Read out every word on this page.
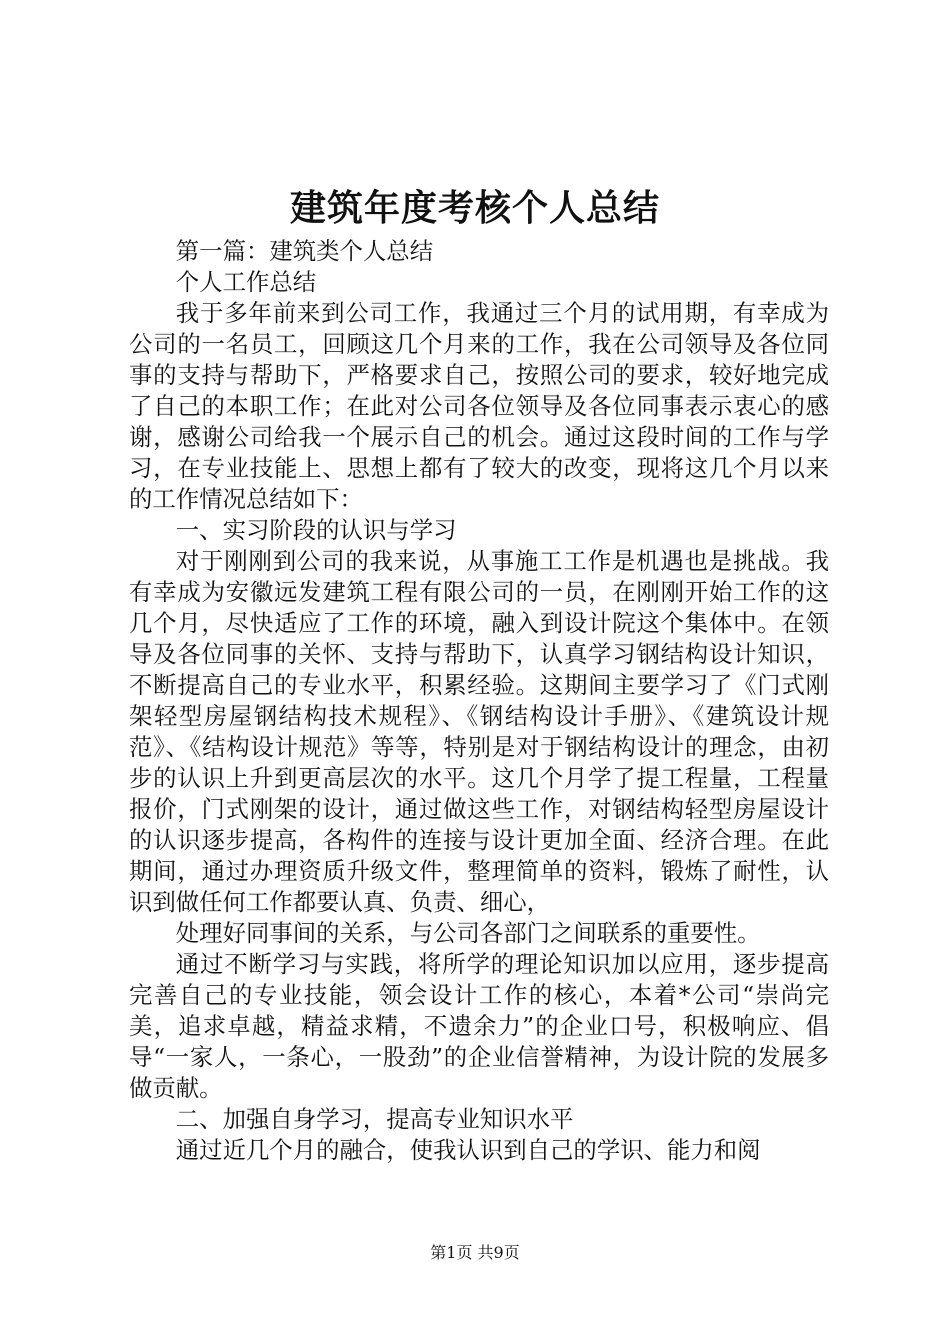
建筑年度考核个人总结

第一篇：建筑类个人总结

个人工作总结

我于多年前来到公司工作，我通过三个月的试用期，有幸成为公司的一名员工，回顾这几个月来的工作，我在公司领导及各位同事的支持与帮助下，严格要求自己，按照公司的要求，较好地完成了自己的本职工作；在此对公司各位领导及各位同事表示衷心的感谢，感谢公司给我一个展示自己的机会。通过这段时间的工作与学习，在专业技能上、思想上都有了较大的改变，现将这几个月以来的工作情况总结如下：

一、实习阶段的认识与学习

对于刚刚到公司的我来说，从事施工工作是机遇也是挑战。我有幸成为安徽远发建筑工程有限公司的一员，在刚刚开始工作的这几个月，尽快适应了工作的环境，融入到设计院这个集体中。在领导及各位同事的关怀、支持与帮助下，认真学习钢结构设计知识，不断提高自己的专业水平，积累经验。这期间主要学习了《门式刚架轻型房屋钢结构技术规程》、《钢结构设计手册》、《建筑设计规范》、《结构设计规范》等等，特别是对于钢结构设计的理念，由初步的认识上升到更高层次的水平。这几个月学了提工程量，工程量报价，门式刚架的设计，通过做这些工作，对钢结构轻型房屋设计的认识逐步提高，各构件的连接与设计更加全面、经济合理。在此期间，通过办理资质升级文件，整理简单的资料，锻炼了耐性，认识到做任何工作都要认真、负责、细心，

处理好同事间的关系，与公司各部门之间联系的重要性。

通过不断学习与实践，将所学的理论知识加以应用，逐步提高完善自己的专业技能，领会设计工作的核心，本着*公司“崇尚完美，追求卓越，精益求精，不遗余力”的企业口号，积极响应、倡导“一家人，一条心，一股劲”的企业信誉精神，为设计院的发展多做贡献。

二、加强自身学习，提高专业知识水平

通过近几个月的融合，使我认识到自己的学识、能力和阅

第1页 共9页
